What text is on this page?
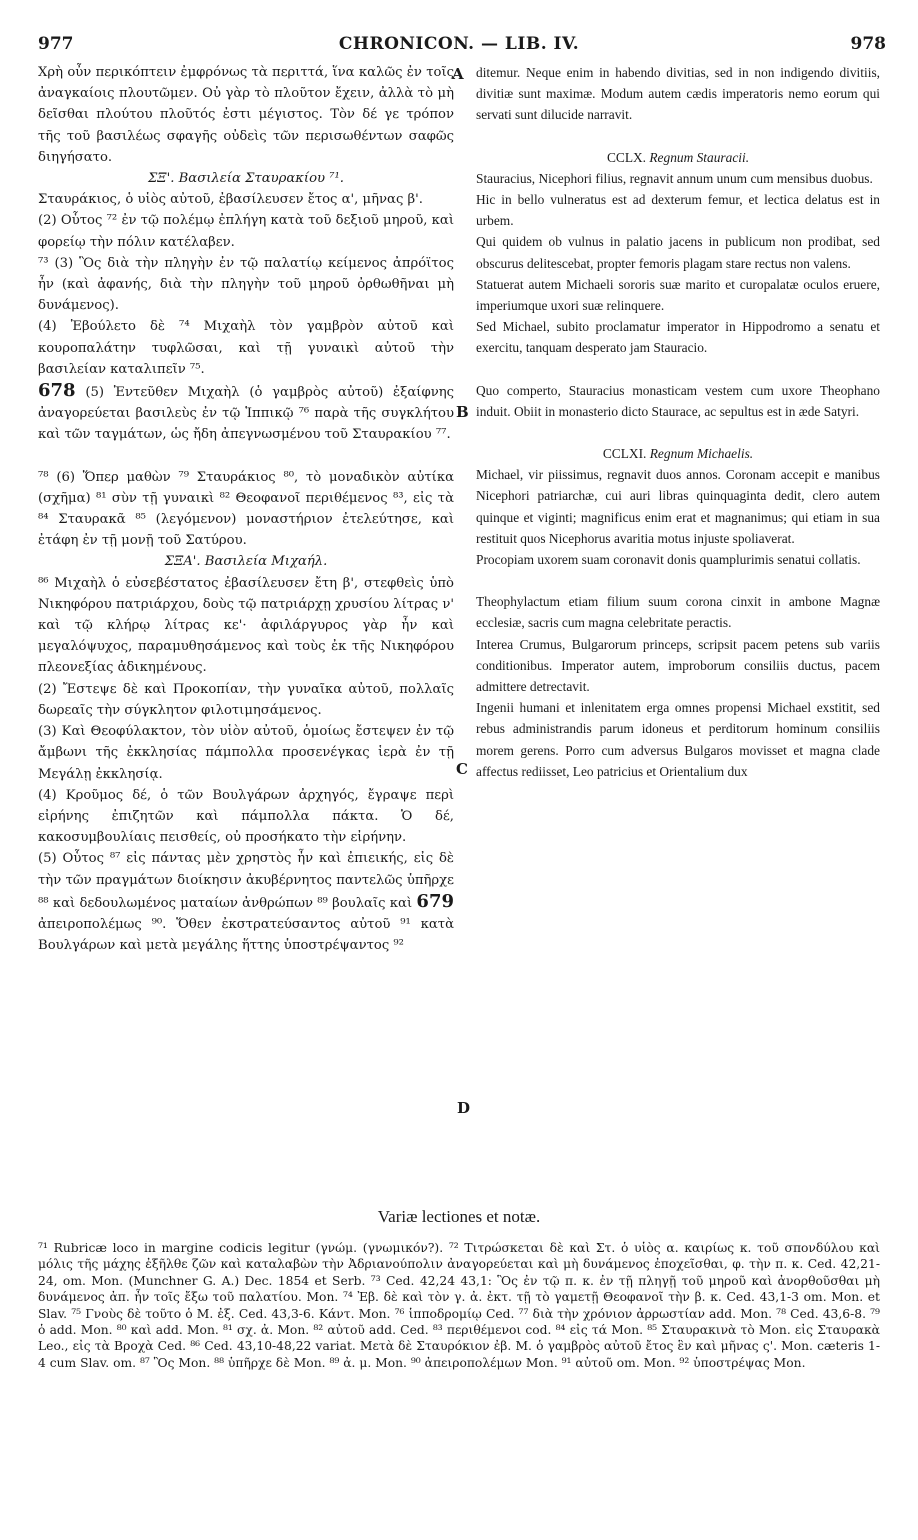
977	CHRONICON. — LIB. IV.	978
A
B
C
D

Χρὴ οὖν περικόπτειν ἐμφρόνως τὰ περιττά, ἵνα καλῶς ἐν τοῖς ἀναγκαίοις πλουτῶμεν. Οὐ γὰρ τὸ πλοῦτον ἔχειν, ἀλλὰ τὸ μὴ δεῖσθαι πλούτου πλοῦτός ἐστι μέγιστος. Τὸν δέ γε τρόπον τῆς τοῦ βασιλέως σφαγῆς οὐδεὶς τῶν περισωθέντων σαφῶς διηγήσατο.

ΣΞ'. Βασιλεία Σταυρακίου ⁷¹.

Σταυράκιος, ὁ υἱὸς αὐτοῦ, ἐβασίλευσεν ἔτος α', μῆνας β'.

(2) Οὗτος ⁷² ἐν τῷ πολέμῳ ἐπλήγη κατὰ τοῦ δεξιοῦ μηροῦ, καὶ φορείῳ τὴν πόλιν κατέλαβεν.

⁷³ (3) Ὃς διὰ τὴν πληγὴν ἐν τῷ παλατίῳ κείμενος ἀπρόϊτος ἦν (καὶ ἀφανής, διὰ τὴν πληγὴν τοῦ μηροῦ ὀρθωθῆναι μὴ δυνάμενος).

(4) Ἐβούλετο δὲ ⁷⁴ Μιχαὴλ τὸν γαμβρὸν αὐτοῦ καὶ κουροπαλάτην τυφλῶσαι, καὶ τῇ γυναικὶ αὐτοῦ τὴν βασιλείαν καταλιπεῖν ⁷⁵.

678 (5) Ἐντεῦθεν Μιχαὴλ (ὁ γαμβρὸς αὐτοῦ) ἐξαίφνης ἀναγορεύεται βασιλεὺς ἐν τῷ Ἱππικῷ ⁷⁶ παρὰ τῆς συγκλήτου καὶ τῶν ταγμάτων, ὡς ἤδη ἀπεγνωσμένου τοῦ Σταυρακίου ⁷⁷.

⁷⁸ (6) Ὅπερ μαθὼν ⁷⁹ Σταυράκιος ⁸⁰, τὸ μοναδικὸν αὐτίκα (σχῆμα) ⁸¹ σὺν τῇ γυναικὶ ⁸² Θεοφανοῖ περιθέμενος ⁸³, εἰς τὰ ⁸⁴ Σταυρακᾶ ⁸⁵ (λεγόμενον) μοναστήριον ἐτελεύτησε, καὶ ἐτάφη ἐν τῇ μονῇ τοῦ Σατύρου.

ΣΞΑ'. Βασιλεία Μιχαήλ.

⁸⁶ Μιχαὴλ ὁ εὐσεβέστατος ἐβασίλευσεν ἔτη β', στεφθεὶς ὑπὸ Νικηφόρου πατριάρχου, δοὺς τῷ πατριάρχῃ χρυσίου λίτρας ν' καὶ τῷ κλήρῳ λίτρας κε'· ἀφιλάργυρος γὰρ ἦν καὶ μεγαλόψυχος, παραμυθησάμενος καὶ τοὺς ἐκ τῆς Νικηφόρου πλεονεξίας ἀδικημένους.

(2) Ἔστεψε δὲ καὶ Προκοπίαν, τὴν γυναῖκα αὐτοῦ, πολλαῖς δωρεαῖς τὴν σύγκλητον φιλοτιμησάμενος.

(3) Καὶ Θεοφύλακτον, τὸν υἱὸν αὐτοῦ, ὁμοίως ἔστεψεν ἐν τῷ ἄμβωνι τῆς ἐκκλησίας πάμπολλα προσενέγκας ἱερὰ ἐν τῇ Μεγάλῃ ἐκκλησίᾳ.

(4) Κροῦμος δέ, ὁ τῶν Βουλγάρων ἀρχηγός, ἔγραψε περὶ εἰρήνης ἐπιζητῶν καὶ πάμπολλα πάκτα. Ὁ δέ, κακοσυμβουλίαις πεισθείς, οὐ προσήκατο τὴν εἰρήνην.

(5) Οὗτος ⁸⁷ εἰς πάντας μὲν χρηστὸς ἦν καὶ ἐπιεικής, εἰς δὲ τὴν τῶν πραγμάτων διοίκησιν ἀκυβέρνητος παντελῶς ὑπῆρχε ⁸⁸ καὶ δεδουλωμένος ματαίων ἀνθρώπων ⁸⁹ βουλαῖς καὶ 679 ἀπειροπολέμως ⁹⁰. Ὅθεν ἐκστρατεύσαντος αὐτοῦ ⁹¹ κατὰ Βουλγάρων καὶ μετὰ μεγάλης ἥττης ὑποστρέψαντος ⁹²

ditemur. Neque enim in habendo divitias, sed in non indigendo divitiis, divitiæ sunt maximæ. Modum autem cædis imperatoris nemo eorum qui servati sunt dilucide narravit.

CCLX. Regnum Stauracii.

Stauracius, Nicephori filius, regnavit annum unum cum mensibus duobus.

Hic in bello vulneratus est ad dexterum femur, et lectica delatus est in urbem.

Qui quidem ob vulnus in palatio jacens in publicum non prodibat, sed obscurus delitescebat, propter femoris plagam stare rectus non valens.

Statuerat autem Michaeli sororis suæ marito et curopalatæ oculos eruere, imperiumque uxori suæ relinquere.

Sed Michael, subito proclamatur imperator in Hippodromo a senatu et exercitu, tanquam desperato jam Stauracio.

Quo comperto, Stauracius monasticam vestem cum uxore Theophano induit. Obiit in monasterio dicto Staurace, ac sepultus est in æde Satyri.

CCLXI. Regnum Michaelis.

Michael, vir piissimus, regnavit duos annos. Coronam accepit e manibus Nicephori patriarchæ, cui auri libras quinquaginta dedit, clero autem quinque et viginti; magnificus enim erat et magnanimus; qui etiam in sua restituit quos Nicephorus avaritia motus injuste spoliaverat.

Procopiam uxorem suam coronavit donis quamplurimis senatui collatis.

Theophylactum etiam filium suum corona cinxit in ambone Magnæ ecclesiæ, sacris cum magna celebritate peractis.

Interea Crumus, Bulgarorum princeps, scripsit pacem petens sub variis conditionibus. Imperator autem, improborum consiliis ductus, pacem admittere detrectavit.

Ingenii humani et inlenitatem erga omnes propensi Michael exstitit, sed rebus administrandis parum idoneus et perditorum hominum consiliis morem gerens. Porro cum adversus Bulgaros movisset et magna clade affectus rediisset, Leo patricius et Orientalium dux

Variæ lectiones et notæ.

⁷¹ Rubricæ loco in margine codicis legitur (γνώμ. (γνωμικόν?). ⁷² Τιτρώσκεται δὲ καὶ Στ. ὁ υἱὸς α. καιρίως κ. τοῦ σπονδύλου καὶ μόλις τῆς μάχης ἐξῆλθε ζῶν καὶ καταλαβὼν τὴν Ἀδριανούπολιν ἀναγορεύεται καὶ μὴ δυνάμενος ἐποχεῖσθαι, φ. τὴν π. κ. Ced. 42,21-24, om. Mon. (Munchner G. A.) Dec. 1854 et Serb. ⁷³ Ced. 42,24 43,1: Ὃς ἐν τῷ π. κ. ἐν τῇ πληγῇ τοῦ μηροῦ καὶ ἀνορθοῦσθαι μὴ δυνάμενος ἀπ. ἦν τοῖς ἔξω τοῦ παλατίου. Mon. ⁷⁴ Ἐβ. δὲ καὶ τὸν γ. ἀ. ἐκτ. τῇ τὸ γαμετῇ Θεοφανοῖ τὴν β. κ. Ced. 43,1-3 om. Mon. et Slav. ⁷⁵ Γνοὺς δὲ τοῦτο ὁ Μ. ἐξ. Ced. 43,3-6. Κάντ. Mon. ⁷⁶ ἱπποδρομίῳ Ced. ⁷⁷ διὰ τὴν χρόνιον ἀρρωστίαν add. Mon. ⁷⁸ Ced. 43,6-8. ⁷⁹ ὁ add. Mon. ⁸⁰ καὶ add. Mon. ⁸¹ σχ. ἀ. Mon. ⁸² αὐτοῦ add. Ced. ⁸³ περιθέμενοι cod. ⁸⁴ εἰς τά Mon. ⁸⁵ Σταυρακινὰ τὸ Mon. εἰς Σταυρακὰ Leo., εἰς τὰ Βροχὰ Ced. ⁸⁶ Ced. 43,10-48,22 variat. Μετὰ δὲ Σταυρόκιον ἐβ. Μ. ὁ γαμβρὸς αὐτοῦ ἔτος ἓν καὶ μῆνας ς'. Mon. cæteris 1-4 cum Slav. om. ⁸⁷ Ὃς Mon. ⁸⁸ ὑπῆρχε δὲ Mon. ⁸⁹ ἀ. μ. Mon. ⁹⁰ ἀπειροπολέμων Mon. ⁹¹ αὐτοῦ om. Mon. ⁹² ὑποστρέψας Mon.
